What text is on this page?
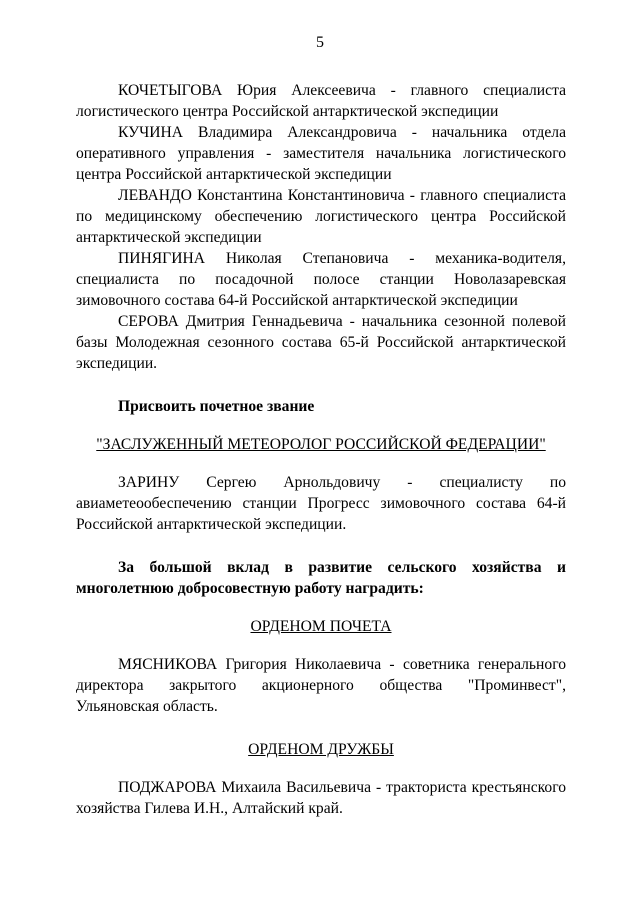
5

КОЧЕТЫГОВА Юрия Алексеевича - главного специалиста логистического центра Российской антарктической экспедиции

КУЧИНА Владимира Александровича - начальника отдела оперативного управления - заместителя начальника логистического центра Российской антарктической экспедиции

ЛЕВАНДО Константина Константиновича - главного специалиста по медицинскому обеспечению логистического центра Российской антарктической экспедиции

ПИНЯГИНА Николая Степановича - механика-водителя, специалиста по посадочной полосе станции Новолазаревская зимовочного состава 64-й Российской антарктической экспедиции

СЕРОВА Дмитрия Геннадьевича - начальника сезонной полевой базы Молодежная сезонного состава 65-й Российской антарктической экспедиции.

Присвоить почетное звание

"ЗАСЛУЖЕННЫЙ МЕТЕОРОЛОГ РОССИЙСКОЙ ФЕДЕРАЦИИ"

ЗАРИНУ Сергею Арнольдовичу - специалисту по авиаметеообеспечению станции Прогресс зимовочного состава 64-й Российской антарктической экспедиции.

За большой вклад в развитие сельского хозяйства и многолетнюю добросовестную работу наградить:

ОРДЕНОМ ПОЧЕТА

МЯСНИКОВА Григория Николаевича - советника генерального директора закрытого акционерного общества "Проминвест", Ульяновская область.

ОРДЕНОМ ДРУЖБЫ

ПОДЖАРОВА Михаила Васильевича - тракториста крестьянского хозяйства Гилева И.Н., Алтайский край.
